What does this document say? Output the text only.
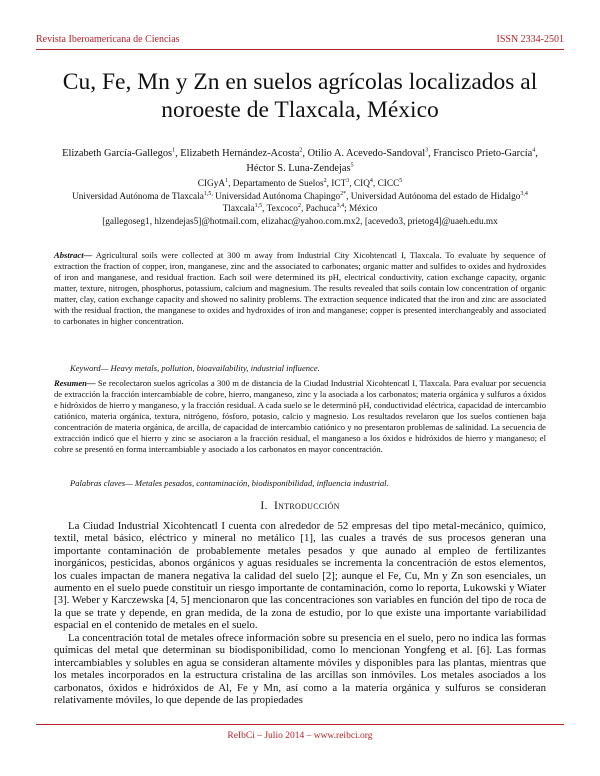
Revista Iberoamericana de Ciencias	ISSN 2334-2501
Cu, Fe, Mn y Zn en suelos agrícolas localizados al
noroeste de Tlaxcala, México
Elizabeth García-Gallegos$^1$, Elizabeth Hernández-Acosta$^2$, Otilio A. Acevedo-Sandoval$^3$, Francisco Prieto-García$^4$, Héctor S. Luna-Zendejas$^5$
CIGyA$^1$, Departamento de Suelos$^2$, ICT$^3$, CIQ$^4$, CICC$^5$
Universidad Autónoma de Tlaxcala$^{1,5,}$ Universidad Autónoma Chapingo$^{2*}$, Universidad Autónoma del estado de Hidalgo$^{3,4}$
Tlaxcala$^{1,5}$, Texcoco$^2$, Pachuca$^{3,4}$; México
[gallegoseg1, hlzendejas5]@hotmail.com, elizahac@yahoo.com.mx2, [acevedo3, prietog4]@uaeh.edu.mx
Abstract— Agricultural soils were collected at 300 m away from Industrial City Xicohtencatl I, Tlaxcala. To evaluate by sequence of extraction the fraction of copper, iron, manganese, zinc and the associated to carbonates; organic matter and sulfides to oxides and hydroxides of iron and manganese, and residual fraction. Each soil were determined its pH, electrical conductivity, cation exchange capacity, organic matter, texture, nitrogen, phosphorus, potassium, calcium and magnesium. The results revealed that soils contain low concentration of organic matter, clay, cation exchange capacity and showed no salinity problems. The extraction sequence indicated that the iron and zinc are associated with the residual fraction, the manganese to oxides and hydroxides of iron and manganese; copper is presented interchangeably and associated to carbonates in higher concentration.
Keyword— Heavy metals, pollution, bioavailability, industrial influence.
Resumen— Se recolectaron suelos agrícolas a 300 m de distancia de la Ciudad Industrial Xicohtencatl I, Tlaxcala. Para evaluar por secuencia de extracción la fracción intercambiable de cobre, hierro, manganeso, zinc y la asociada a los carbonatos; materia orgánica y sulfuros a óxidos e hidróxidos de hierro y manganeso, y la fracción residual. A cada suelo se le determinó pH, conductividad eléctrica, capacidad de intercambio catiónico, materia orgánica, textura, nitrógeno, fósforo, potasio, calcio y magnesio. Los resultados revelaron que los suelos contienen baja concentración de materia orgánica, de arcilla, de capacidad de intercambio catiónico y no presentaron problemas de salinidad. La secuencia de extracción indicó que el hierro y zinc se asociaron a la fracción residual, el manganeso a los óxidos e hidróxidos de hierro y manganeso; el cobre se presentó en forma intercambiable y asociado a los carbonatos en mayor concentración.
Palabras claves— Metales pesados, contaminación, biodisponibilidad, influencia industrial.
I. Introducción

La Ciudad Industrial Xicohtencatl I cuenta con alrededor de 52 empresas del tipo metal-mecánico, químico, textil, metal básico, eléctrico y mineral no metálico [1], las cuales a través de sus procesos generan una importante contaminación de probablemente metales pesados y que aunado al empleo de fertilizantes inorgánicos, pesticidas, abonos orgánicos y aguas residuales se incrementa la concentración de estos elementos, los cuales impactan de manera negativa la calidad del suelo [2]; aunque el Fe, Cu, Mn y Zn son esenciales, un aumento en el suelo puede constituir un riesgo importante de contaminación, como lo reporta, Lukowski y Wiater [3]. Weber y Karczewska [4, 5] mencionaron que las concentraciones son variables en función del tipo de roca de la que se trate y depende, en gran medida, de la zona de estudio, por lo que existe una importante variabilidad espacial en el contenido de metales en el suelo.

La concentración total de metales ofrece información sobre su presencia en el suelo, pero no indica las formas químicas del metal que determinan su biodisponibilidad, como lo mencionan Yongfeng et al. [6]. Las formas intercambiables y solubles en agua se consideran altamente móviles y disponibles para las plantas, mientras que los metales incorporados en la estructura cristalina de las arcillas son inmóviles. Los metales asociados a los carbonatos, óxidos e hidróxidos de Al, Fe y Mn, así como a la materia orgánica y sulfuros se consideran relativamente móviles, lo que depende de las propiedades

ReIbCi – Julio 2014 – www.reibci.org
